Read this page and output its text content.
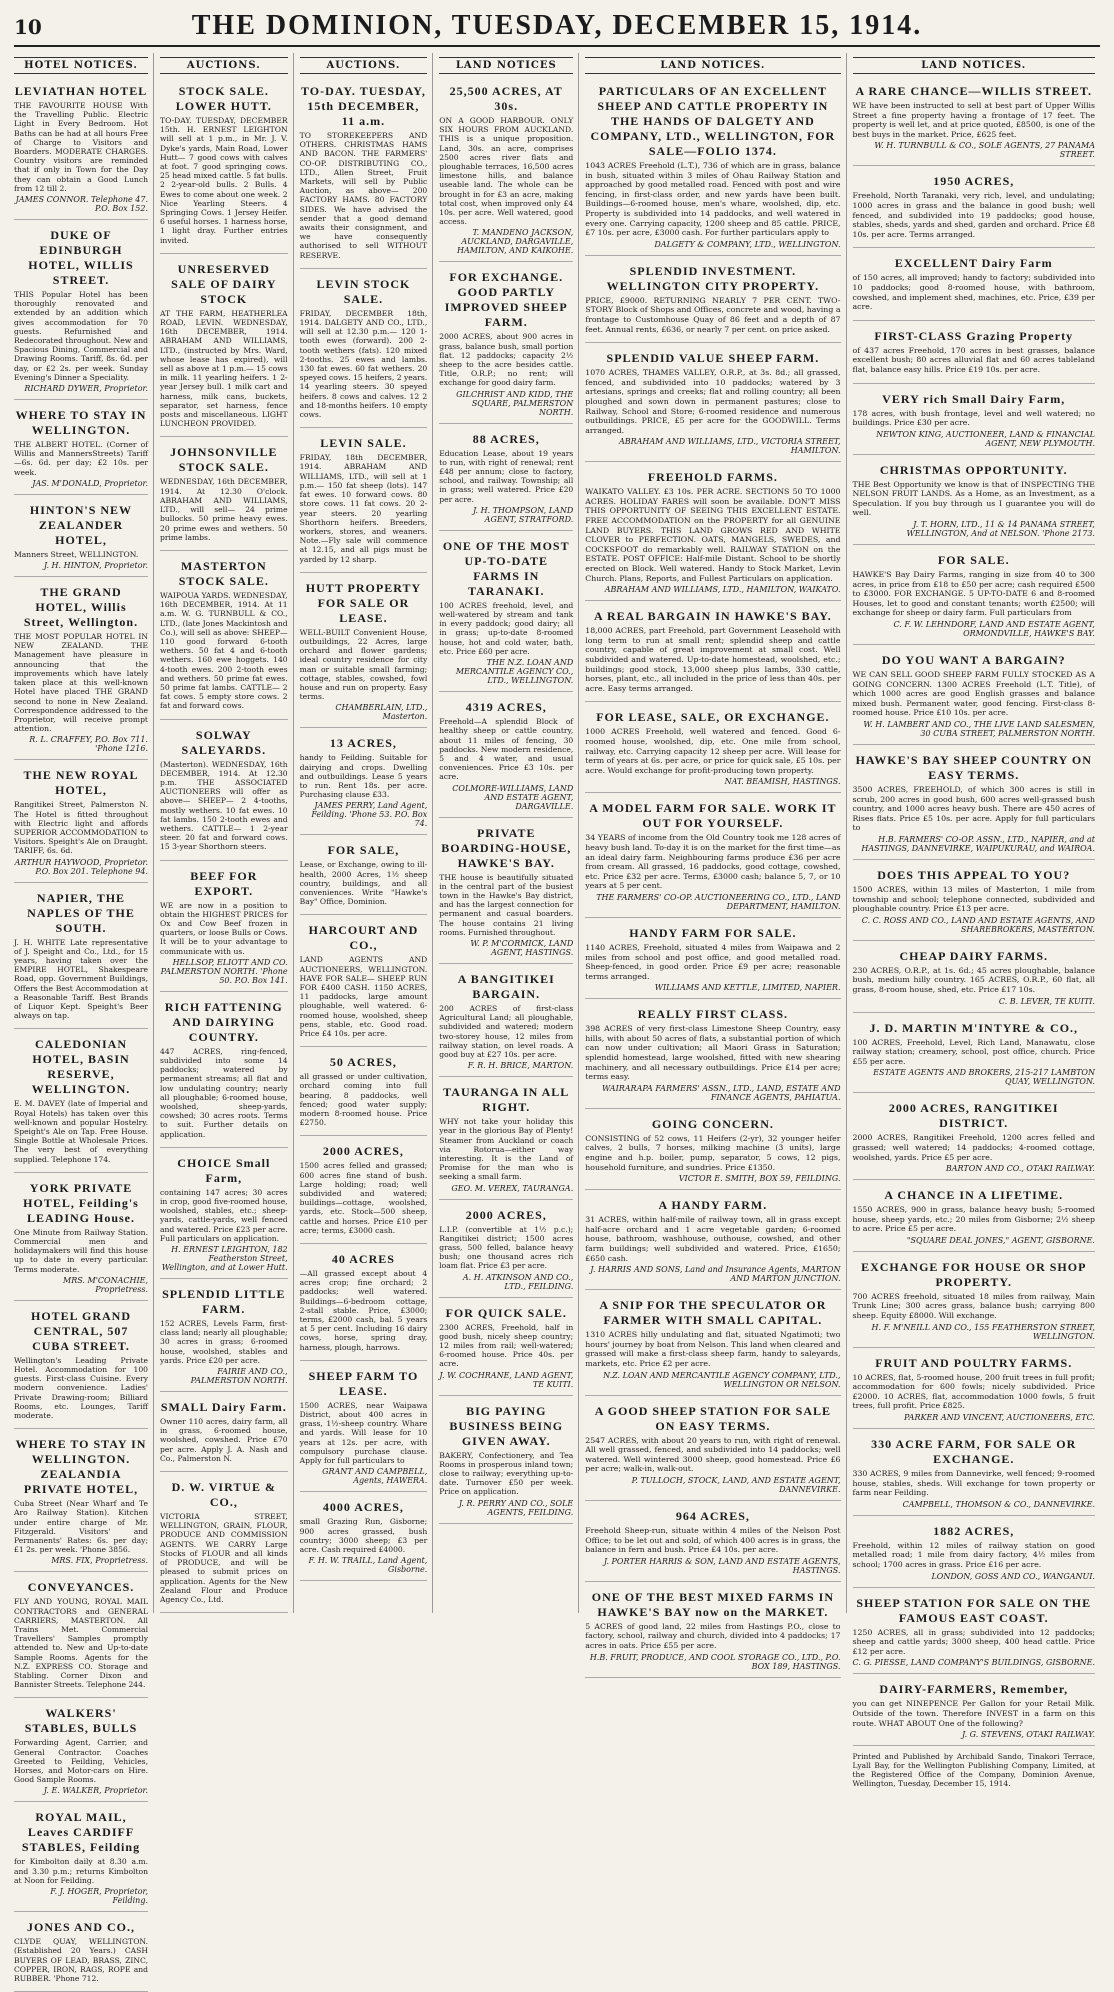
10	THE DOMINION, TUESDAY, DECEMBER 15, 1914.
HOTEL NOTICES.
LEVIATHAN HOTEL

THE FAVOURITE HOUSE With the Travelling Public. Electric Light in Every Bedroom. Hot Baths can be had at all hours Free of Charge to Visitors and Boarders. MODERATE CHARGES. Country visitors are reminded that if only in Town for the Day they can obtain a Good Lunch from 12 till 2.

JAMES CONNOR. Telephone 47. P.O. Box 152.
DUKE OF EDINBURGH HOTEL, WILLIS STREET.

THIS Popular Hotel has been thoroughly renovated and extended by an addition which gives accommodation for 70 guests. Refurnished and Redecorated throughout. New and Spacious Dining, Commercial and Drawing Rooms. Tariff, 8s. 6d. per day, or £2 2s. per week. Sunday Evening's Dinner a Speciality.

RICHARD DYWER, Proprietor.
WHERE TO STAY IN WELLINGTON.

THE ALBERT HOTEL. (Corner of Willis and MannersStreets) Tariff—6s. 6d. per day; £2 10s. per week.

JAS. M'DONALD, Proprietor.
HINTON'S NEW ZEALANDER HOTEL,

Manners Street, WELLINGTON.

J. H. HINTON, Proprietor.
THE GRAND HOTEL, Willis Street, Wellington.

THE MOST POPULAR HOTEL IN NEW ZEALAND. THE Management have pleasure in announcing that the improvements which have lately taken place at this well-known Hotel have placed THE GRAND second to none in New Zealand. Correspondence addressed to the Proprietor, will receive prompt attention.

R. L. CRAFFEY, P.O. Box 711. 'Phone 1216.
THE NEW ROYAL HOTEL,

Rangitikei Street, Palmerston N. The Hotel is fitted throughout with Electric light and affords SUPERIOR ACCOMMODATION to Visitors. Speight's Ale on Draught. TARIFF, 6s. 6d.

ARTHUR HAYWOOD, Proprietor. P.O. Box 201. Telephone 94.
NAPIER, THE NAPLES OF THE SOUTH.

J. H. WHITE Late representative of J. Speight and Co., Ltd., for 15 years, having taken over the EMPIRE HOTEL, Shakespeare Road, opp. Government Buildings, Offers the Best Accommodation at a Reasonable Tariff. Best Brands of Liquor Kept. Speight's Beer always on tap.

CALEDONIAN HOTEL, BASIN RESERVE, WELLINGTON.

E. M. DAVEY (late of Imperial and Royal Hotels) has taken over this well-known and popular Hostelry. Speight's Ale on Tap. Free House. Single Bottle at Wholesale Prices. The very best of everything supplied. Telephone 174.

YORK PRIVATE HOTEL, Feilding's LEADING House.

One Minute from Railway Station. Commercial men and holidaymakers will find this house up to date in every particular. Terms moderate.

MRS. M'CONACHIE, Proprietress.
HOTEL GRAND CENTRAL, 507 CUBA STREET.

Wellington's Leading Private Hotel. Accommodation for 100 guests. First-class Cuisine. Every modern convenience. Ladies' Private Drawing-room; Billiard Rooms, etc. Lounges, Tariff moderate.

WHERE TO STAY IN WELLINGTON. ZEALANDIA PRIVATE HOTEL,

Cuba Street (Near Wharf and Te Aro Railway Station). Kitchen under entire charge of Mr. Fitzgerald. Visitors' and Permanents' Rates: 6s. per day; £1 2s. per week. 'Phone 3856.

MRS. FIX, Proprietress.
CONVEYANCES.

FLY AND YOUNG, ROYAL MAIL CONTRACTORS and GENERAL CARRIERS, MASTERTON. All Trains Met. Commercial Travellers' Samples promptly attended to. New and Up-to-date Sample Rooms. Agents for the N.Z. EXPRESS CO. Storage and Stabling. Corner Dixon and Bannister Streets. Telephone 244.

WALKERS' STABLES, BULLS

Forwarding Agent, Carrier, and General Contractor. Coaches Greeted to Feilding, Vehicles, Horses, and Motor-cars on Hire. Good Sample Rooms.

J. E. WALKER, Proprietor.
ROYAL MAIL, Leaves CARDIFF STABLES, Feilding

for Kimbolton daily at 8.30 a.m. and 3.30 p.m.; returns Kimbolton at Noon for Feilding.

F. J. HOGER, Proprietor, Feilding.
JONES AND CO.,

CLYDE QUAY, WELLINGTON. (Established 20 Years.) CASH BUYERS OF LEAD, BRASS, ZINC, COPPER, IRON, RAGS, ROPE and RUBBER. 'Phone 712.

AUCTIONS.
STOCK SALE. LOWER HUTT.

TO-DAY. TUESDAY, DECEMBER 15th. H. ERNEST LEIGHTON will sell at 1 p.m., in Mr. J. V. Dyke's yards, Main Road, Lower Hutt— 7 good cows with calves at foot. 7 good springing cows. 25 head mixed cattle. 5 fat bulls. 2 2-year-old bulls. 2 Bulls. 4 Ewes to come about one week. 2 Nice Yearling Steers. 4 Springing Cows. 1 Jersey Heifer. 6 useful horses. 1 harness horse, 1 light dray. Further entries invited.

UNRESERVED SALE OF DAIRY STOCK

AT THE FARM, HEATHERLEA ROAD, LEVIN. WEDNESDAY, 16th DECEMBER, 1914. ABRAHAM AND WILLIAMS, LTD., (instructed by Mrs. Ward, whose lease has expired), will sell as above at 1 p.m.— 15 cows in milk. 11 yearling heifers. 1 2-year Jersey bull. 1 milk cart and harness, milk cans, buckets, separator, set harness, fence posts and miscellaneous. LIGHT LUNCHEON PROVIDED.

JOHNSONVILLE STOCK SALE.

WEDNESDAY, 16th DECEMBER, 1914. At 12.30 O'clock. ABRAHAM AND WILLIAMS, LTD., will sell— 24 prime bullocks. 50 prime heavy ewes. 20 prime ewes and wethers. 50 prime lambs.

MASTERTON STOCK SALE.

WAIPOUA YARDS. WEDNESDAY, 16th DECEMBER, 1914. At 11 a.m. W. G. TURNBULL & CO., LTD., (late Jones Mackintosh and Co.), will sell as above: SHEEP— 110 good forward 6-tooth wethers. 50 fat 4 and 6-tooth wethers. 160 ewe hoggets. 140 4-tooth ewes. 200 2-tooth ewes and wethers. 50 prime fat ewes. 50 prime fat lambs. CATTLE— 2 fat cows. 5 empty store cows. 2 fat and forward cows.

SOLWAY SALEYARDS.

(Masterton). WEDNESDAY, 16th DECEMBER, 1914. At 12.30 p.m. THE ASSOCIATED AUCTIONEERS will offer as above— SHEEP— 2 4-tooths, mostly wethers. 10 fat ewes. 10 fat lambs. 150 2-tooth ewes and wethers. CATTLE— 1 2-year steer. 20 fat and forward cows. 15 3-year Shorthorn steers.

BEEF FOR EXPORT.

WE are now in a position to obtain the HIGHEST PRICES for Ox and Cow Beef frozen in quarters, or loose Bulls or Cows. It will be to your advantage to communicate with us.

HELLSOP, ELIOTT AND CO. PALMERSTON NORTH. 'Phone 50. P.O. Box 141.
RICH FATTENING AND DAIRYING COUNTRY.

447 ACRES, ring-fenced, subdivided into some 14 paddocks; watered by permanent streams; all flat and low undulating country; nearly all ploughable; 6-roomed house, woolshed, sheep-yards, cowshed; 30 acres roots. Terms to suit. Further details on application.

CHOICE Small Farm,

containing 147 acres; 30 acres in crop, good five-roomed house, woolshed, stables, etc.; sheep-yards, cattle-yards, well fenced and watered. Price £23 per acre. Full particulars on application.

H. ERNEST LEIGHTON, 182 Featherston Street, Wellington, and at Lower Hutt.
SPLENDID LITTLE FARM.

152 ACRES, Levels Farm, first-class land; nearly all ploughable; 30 acres in grass; 6-roomed house, woolshed, stables and yards. Price £20 per acre.

FAIRIE AND CO., PALMERSTON NORTH.
SMALL Dairy Farm.

Owner 110 acres, dairy farm, all in grass, 6-roomed house, woolshed, cowshed. Price £70 per acre. Apply J. A. Nash and Co., Palmerston N.

D. W. VIRTUE & CO.,

VICTORIA STREET, WELLINGTON, GRAIN, FLOUR, PRODUCE AND COMMISSION AGENTS. WE CARRY Large Stocks of FLOUR and all kinds of PRODUCE, and will be pleased to submit prices on application. Agents for the New Zealand Flour and Produce Agency Co., Ltd.

AUCTIONS.
TO-DAY. TUESDAY, 15th DECEMBER, 11 a.m.

TO STOREKEEPERS AND OTHERS. CHRISTMAS HAMS AND BACON. THE FARMERS' CO-OP. DISTRIBUTING CO., LTD., Allen Street, Fruit Markets, will sell by Public Auction, as above— 200 FACTORY HAMS. 80 FACTORY SIDES. We have advised the sender that a good demand awaits their consignment, and we have consequently authorised to sell WITHOUT RESERVE.

LEVIN STOCK SALE.

FRIDAY, DECEMBER 18th, 1914. DALGETY AND CO., LTD., will sell at 12.30 p.m.— 120 1-tooth ewes (forward). 200 2-tooth wethers (fats). 120 mixed 2-tooths. 25 ewes and lambs. 130 fat ewes. 60 fat wethers. 20 speyed cows. 15 heifers, 2 years. 14 yearling steers. 30 speyed heifers. 8 cows and calves. 12 2 and 18-months heifers. 10 empty cows.

LEVIN SALE.

FRIDAY, 18th DECEMBER, 1914. ABRAHAM AND WILLIAMS, LTD., will sell at 1 p.m.— 150 fat sheep (lots). 147 fat ewes. 10 forward cows. 80 store cows. 11 fat cows. 20 2-year steers. 20 yearling Shorthorn heifers. Breeders, workers, stores, and weaners. Note.—Fly sale will commence at 12.15, and all pigs must be yarded by 12 sharp.

HUTT PROPERTY FOR SALE OR LEASE.

WELL-BUILT Convenient House, outbuildings, 22 Acres, large orchard and flower gardens; ideal country residence for city man or suitable small farming; cottage, stables, cowshed, fowl house and run on property. Easy terms.

CHAMBERLAIN, LTD., Masterton.
13 ACRES,

handy to Feilding. Suitable for dairying and crops. Dwelling and outbuildings. Lease 5 years to run. Rent 18s. per acre. Purchasing clause £33.

JAMES PERRY, Land Agent, Feilding. 'Phone 53. P.O. Box 74.
FOR SALE,

Lease, or Exchange, owing to ill-health, 2000 Acres, 1½ sheep country, buildings, and all conveniences. Write "Hawke's Bay" Office, Dominion.

HARCOURT AND CO.,

LAND AGENTS AND AUCTIONEERS, WELLINGTON. HAVE FOR SALE— SHEEP RUN FOR £400 CASH. 1150 ACRES, 11 paddocks, large amount ploughable, well watered. 6-roomed house, woolshed, sheep pens, stable, etc. Good road. Price £4 10s. per acre.

50 ACRES,

all grassed or under cultivation, orchard coming into full bearing, 8 paddocks, well fenced; good water supply; modern 8-roomed house. Price £2750.

2000 ACRES,

1500 acres felled and grassed; 600 acres fine stand of bush. Large holding; road; well subdivided and watered; buildings—cottage, woolshed, yards, etc. Stock—500 sheep, cattle and horses. Price £10 per acre; terms, £3000 cash.

40 ACRES

—All grassed except about 4 acres crop; fine orchard; 2 paddocks; well watered. Buildings—6-bedroom cottage, 2-stall stable. Price, £3000; terms, £2000 cash, bal. 5 years at 5 per cent. Including 16 dairy cows, horse, spring dray, harness, plough, harrows.

SHEEP FARM TO LEASE.

1500 ACRES, near Waipawa District, about 400 acres in grass, 1½-sheep country. Whare and yards. Will lease for 10 years at 12s. per acre, with compulsory purchase clause. Apply for full particulars to

GRANT AND CAMPBELL, Agents, HAWERA.
4000 ACRES,

small Grazing Run, Gisborne; 900 acres grassed, bush country; 3000 sheep; £3 per acre. Cash required £4000.

F. H. W. TRAILL, Land Agent, Gisborne.
LAND NOTICES
25,500 ACRES, AT 30s.

ON A GOOD HARBOUR. ONLY SIX HOURS FROM AUCKLAND. THIS is a unique proposition. Land, 30s. an acre, comprises 2500 acres river flats and ploughable terraces, 16,500 acres limestone hills, and balance useable land. The whole can be brought in for £3 an acre, making total cost, when improved only £4 10s. per acre. Well watered, good access.

T. MANDENO JACKSON, AUCKLAND, DARGAVILLE, HAMILTON, AND KAIKOHE.
FOR EXCHANGE. GOOD PARTLY IMPROVED SHEEP FARM.

2000 ACRES, about 900 acres in grass, balance bush, small portion flat. 12 paddocks; capacity 2½ sheep to the acre besides cattle. Title, O.R.P.; no rent; will exchange for good dairy farm.

GILCHRIST AND KIDD, THE SQUARE, PALMERSTON NORTH.
88 ACRES,

Education Lease, about 19 years to run, with right of renewal; rent £48 per annum; close to factory, school, and railway. Township; all in grass; well watered. Price £20 per acre.

J. H. THOMPSON, LAND AGENT, STRATFORD.
ONE OF THE MOST UP-TO-DATE FARMS IN TARANAKI.

100 ACRES freehold, level, and well-watered by stream and tank in every paddock; good dairy; all in grass; up-to-date 8-roomed house, hot and cold water, bath, etc. Price £60 per acre.

THE N.Z. LOAN AND MERCANTILE AGENCY CO., LTD., WELLINGTON.
4319 ACRES,

Freehold—A splendid Block of healthy sheep or cattle country, about 11 miles of fencing, 30 paddocks. New modern residence, 5 and 4 water, and usual conveniences. Price £3 10s. per acre.

COLMORE-WILLIAMS, LAND AND ESTATE AGENT, DARGAVILLE.
PRIVATE BOARDING-HOUSE, HAWKE'S BAY.

THE house is beautifully situated in the central part of the busiest town in the Hawke's Bay district, and has the largest connection for permanent and casual boarders. The house contains 21 living rooms. Furnished throughout.

W. P. M'CORMICK, LAND AGENT, HASTINGS.
A BANGITIKEI BARGAIN.

200 ACRES of first-class Agricultural Land; all ploughable, subdivided and watered; modern two-storey house, 12 miles from railway station, on level roads. A good buy at £27 10s. per acre.

F. R. H. BRICE, MARTON.
TAURANGA IN ALL RIGHT.

WHY not take your holiday this year in the glorious Bay of Plenty! Steamer from Auckland or coach via Rotorua—either way interesting. It is the Land of Promise for the man who is seeking a small farm.

GEO. M. VEREX, TAURANGA.
2000 ACRES,

L.I.P. (convertible at 1½ p.c.); Rangitikei district; 1500 acres grass, 500 felled, balance heavy bush; one thousand acres rich loam flat. Price £3 per acre.

A. H. ATKINSON AND CO., LTD., FEILDING.
FOR QUICK SALE.

2300 ACRES, Freehold, half in good bush, nicely sheep country; 12 miles from rail; well-watered; 6-roomed house. Price 40s. per acre.

J. W. COCHRANE, LAND AGENT, TE KUITI.
BIG PAYING BUSINESS BEING GIVEN AWAY.

BAKERY, Confectionery, and Tea Rooms in prosperous inland town; close to railway; everything up-to-date. Turnover £50 per week. Price on application.

J. R. PERRY AND CO., SOLE AGENTS, FEILDING.
LAND NOTICES.
PARTICULARS OF AN EXCELLENT SHEEP AND CATTLE PROPERTY IN THE HANDS OF DALGETY AND COMPANY, LTD., WELLINGTON, FOR SALE—FOLIO 1374.

1043 ACRES Freehold (L.T.), 736 of which are in grass, balance in bush, situated within 3 miles of Ohau Railway Station and approached by good metalled road. Fenced with post and wire fencing, in first-class order, and new yards have been built. Buildings—6-roomed house, men's whare, woolshed, dip, etc. Property is subdivided into 14 paddocks, and well watered in every one. Carrying capacity, 1200 sheep and 85 cattle. PRICE, £7 10s. per acre, £3000 cash. For further particulars apply to

DALGETY & COMPANY, LTD., WELLINGTON.
SPLENDID INVESTMENT. WELLINGTON CITY PROPERTY.

PRICE, £9000. RETURNING NEARLY 7 PER CENT. TWO-STORY Block of Shops and Offices, concrete and wood, having a frontage to Customhouse Quay of 86 feet and a depth of 87 feet. Annual rents, £636, or nearly 7 per cent. on price asked.

SPLENDID VALUE SHEEP FARM.

1070 ACRES, THAMES VALLEY, O.R.P., at 3s. 8d.; all grassed, fenced, and subdivided into 10 paddocks; watered by 3 artesians, springs and creeks; flat and rolling country; all been ploughed and sown down in permanent pastures; close to Railway, School and Store; 6-roomed residence and numerous outbuildings. PRICE, £5 per acre for the GOODWILL. Terms arranged.

ABRAHAM AND WILLIAMS, LTD., VICTORIA STREET, HAMILTON.
FREEHOLD FARMS.

WAIKATO VALLEY. £3 10s. PER ACRE. SECTIONS 50 TO 1000 ACRES. HOLIDAY FARES will soon be available. DON'T MISS THIS OPPORTUNITY OF SEEING THIS EXCELLENT ESTATE. FREE ACCOMMODATION on the PROPERTY for all GENUINE LAND BUYERS. THIS LAND GROWS RED AND WHITE CLOVER to PERFECTION. OATS, MANGELS, SWEDES, and COCKSFOOT do remarkably well. RAILWAY STATION on the ESTATE. POST OFFICE: Half-mile Distant. School to be shortly erected on Block. Well watered. Handy to Stock Market, Levin Church. Plans, Reports, and Fullest Particulars on application.

ABRAHAM AND WILLIAMS, LTD., HAMILTON, WAIKATO.
A REAL BARGAIN IN HAWKE'S BAY.

18,000 ACRES, part Freehold, part Government Leasehold with long term to run at small rent; splendid sheep and cattle country, capable of great improvement at small cost. Well subdivided and watered. Up-to-date homestead, woolshed, etc.; buildings; good stock, 13,000 sheep plus lambs, 330 cattle, horses, plant, etc., all included in the price of less than 40s. per acre. Easy terms arranged.

FOR LEASE, SALE, OR EXCHANGE.

1000 ACRES Freehold, well watered and fenced. Good 6-roomed house, woolshed, dip, etc. One mile from school, railway, etc. Carrying capacity 12 sheep per acre. Will lease for term of years at 6s. per acre, or price for quick sale, £5 10s. per acre. Would exchange for profit-producing town property.

NAT. BEAMISH, HASTINGS.
A MODEL FARM FOR SALE. WORK IT OUT FOR YOURSELF.

34 YEARS of income from the Old Country took me 128 acres of heavy bush land. To-day it is on the market for the first time—as an ideal dairy farm. Neighbouring farms produce £36 per acre from cream. All grassed, 16 paddocks, good cottage, cowshed, etc. Price £32 per acre. Terms, £3000 cash; balance 5, 7, or 10 years at 5 per cent.

THE FARMERS' CO-OP. AUCTIONEERING CO., LTD., LAND DEPARTMENT, HAMILTON.
HANDY FARM FOR SALE.

1140 ACRES, Freehold, situated 4 miles from Waipawa and 2 miles from school and post office, and good metalled road. Sheep-fenced, in good order. Price £9 per acre; reasonable terms arranged.

WILLIAMS AND KETTLE, LIMITED, NAPIER.
REALLY FIRST CLASS.

398 ACRES of very first-class Limestone Sheep Country, easy hills, with about 50 acres of flats, a substantial portion of which can now under cultivation; all Maori Grass in Saturation; splendid homestead, large woolshed, fitted with new shearing machinery, and all necessary outbuildings. Price £14 per acre; terms easy.

WAIRARAPA FARMERS' ASSN., LTD., LAND, ESTATE AND FINANCE AGENTS, PAHIATUA.
GOING CONCERN.

CONSISTING of 52 cows, 11 Heifers (2-yr), 32 younger heifer calves, 2 bulls, 7 horses, milking machine (3 units), large engine and h.p. boiler, pump, separator, 5 cows, 12 pigs, household furniture, and sundries. Price £1350.

VICTOR E. SMITH, BOX 59, FEILDING.
A HANDY FARM.

31 ACRES, within half-mile of railway town, all in grass except half-acre orchard and 1 acre vegetable garden; 6-roomed house, bathroom, washhouse, outhouse, cowshed, and other farm buildings; well subdivided and watered. Price, £1650; £650 cash.

J. HARRIS AND SONS, Land and Insurance Agents, MARTON AND MARTON JUNCTION.
A SNIP FOR THE SPECULATOR OR FARMER WITH SMALL CAPITAL.

1310 ACRES hilly undulating and flat, situated Ngatimoti; two hours' journey by boat from Nelson. This land when cleared and grassed will make a first-class sheep farm, handy to saleyards, markets, etc. Price £2 per acre.

N.Z. LOAN AND MERCANTILE AGENCY COMPANY, LTD., WELLINGTON OR NELSON.
A GOOD SHEEP STATION FOR SALE ON EASY TERMS.

2547 ACRES, with about 20 years to run, with right of renewal. All well grassed, fenced, and subdivided into 14 paddocks; well watered. Well wintered 3000 sheep, good homestead. Price £6 per acre; walk-in, walk-out.

P. TULLOCH, STOCK, LAND, AND ESTATE AGENT, DANNEVIRKE.
964 ACRES,

Freehold Sheep-run, situate within 4 miles of the Nelson Post Office; to be let out and sold, of which 400 acres is in grass, the balance in fern and bush. Price £4 10s. per acre.

J. PORTER HARRIS & SON, LAND AND ESTATE AGENTS, HASTINGS.
ONE OF THE BEST MIXED FARMS IN HAWKE'S BAY now on the MARKET.

5 ACRES of good land, 22 miles from Hastings P.O., close to factory, school, railway and church, divided into 4 paddocks; 17 acres in oats. Price £55 per acre.

H.B. FRUIT, PRODUCE, AND COOL STORAGE CO., LTD., P.O. BOX 189, HASTINGS.
LAND NOTICES.
A RARE CHANCE—WILLIS STREET.

WE have been instructed to sell at best part of Upper Willis Street a fine property having a frontage of 17 feet. The property is well let, and at price quoted, £8500, is one of the best buys in the market. Price, £625 feet.

W. H. TURNBULL & CO., SOLE AGENTS, 27 PANAMA STREET.
1950 ACRES,

Freehold, North Taranaki, very rich, level, and undulating; 1000 acres in grass and the balance in good bush; well fenced, and subdivided into 19 paddocks; good house, stables, sheds, yards and shed, garden and orchard. Price £8 10s. per acre. Terms arranged.

EXCELLENT Dairy Farm

of 150 acres, all improved; handy to factory; subdivided into 10 paddocks; good 8-roomed house, with bathroom, cowshed, and implement shed, machines, etc. Price, £39 per acre.

FIRST-CLASS Grazing Property

of 437 acres Freehold, 170 acres in best grasses, balance excellent bush; 80 acres alluvial flat and 60 acres tableland flat, balance easy hills. Price £19 10s. per acre.

VERY rich Small Dairy Farm,

178 acres, with bush frontage, level and well watered; no buildings. Price £30 per acre.

NEWTON KING, AUCTIONEER, LAND & FINANCIAL AGENT, NEW PLYMOUTH.
CHRISTMAS OPPORTUNITY.

THE Best Opportunity we know is that of INSPECTING THE NELSON FRUIT LANDS. As a Home, as an Investment, as a Speculation. If you buy through us I guarantee you will do well.

J. T. HORN, LTD., 11 & 14 PANAMA STREET, WELLINGTON, And at NELSON. 'Phone 2173.
FOR SALE.

HAWKE'S Bay Dairy Farms, ranging in size from 40 to 300 acres, in price from £18 to £50 per acre; cash required £500 to £3000. FOR EXCHANGE. 5 UP-TO-DATE 6 and 8-roomed Houses, let to good and constant tenants; worth £2500; will exchange for sheep or dairy farm. Full particulars from

C. F. W. LEHNDORF, LAND AND ESTATE AGENT, ORMONDVILLE, HAWKE'S BAY.
DO YOU WANT A BARGAIN?

WE CAN SELL GOOD SHEEP FARM FULLY STOCKED AS A GOING CONCERN. 1300 ACRES Freehold (L.T. Title), of which 1000 acres are good English grasses and balance mixed bush. Permanent water, good fencing. First-class 8-roomed house. Price £10 10s. per acre.

W. H. LAMBERT AND CO., THE LIVE LAND SALESMEN, 30 CUBA STREET, PALMERSTON NORTH.
HAWKE'S BAY SHEEP COUNTRY ON EASY TERMS.

3500 ACRES, FREEHOLD, of which 300 acres is still in scrub, 200 acres in good bush, 600 acres well-grassed bush country, and 1000 acres heavy bush. There are 450 acres of Rises flats. Price £5 10s. per acre. Apply for full particulars to

H.B. FARMERS' CO-OP. ASSN., LTD., NAPIER, and at HASTINGS, DANNEVIRKE, WAIPUKURAU, and WAIROA.
DOES THIS APPEAL TO YOU?

1500 ACRES, within 13 miles of Masterton, 1 mile from township and school; telephone connected, subdivided and ploughable country. Price £13 per acre.

C. C. ROSS AND CO., LAND AND ESTATE AGENTS, AND SHAREBROKERS, MASTERTON.
CHEAP DAIRY FARMS.

230 ACRES, O.R.P., at 1s. 6d.; 45 acres ploughable, balance bush, medium hilly country. 165 ACRES, O.R.P., 60 flat, all grass, 8-room house, shed, etc. Price £17 10s.

C. B. LEVER, TE KUITI.
J. D. MARTIN M'INTYRE & CO.,

100 ACRES, Freehold, Level, Rich Land, Manawatu, close railway station; creamery, school, post office, church. Price £55 per acre.

ESTATE AGENTS AND BROKERS, 215-217 LAMBTON QUAY, WELLINGTON.
2000 ACRES, RANGITIKEI DISTRICT.

2000 ACRES, Rangitikei Freehold, 1200 acres felled and grassed; well watered; 14 paddocks; 4-roomed cottage, woolshed, yards. Price £5 per acre.

BARTON AND CO., OTAKI RAILWAY.
A CHANCE IN A LIFETIME.

1550 ACRES, 900 in grass, balance heavy bush; 5-roomed house, sheep yards, etc.; 20 miles from Gisborne; 2½ sheep to acre. Price £5 per acre.

"SQUARE DEAL JONES," AGENT, GISBORNE.
EXCHANGE FOR HOUSE OR SHOP PROPERTY.

700 ACRES freehold, situated 18 miles from railway, Main Trunk Line; 300 acres grass, balance bush; carrying 800 sheep. Equity £8000. Will exchange.

H. F. M'NEILL AND CO., 155 FEATHERSTON STREET, WELLINGTON.
FRUIT AND POULTRY FARMS.

10 ACRES, flat, 5-roomed house, 200 fruit trees in full profit; accommodation for 600 fowls; nicely subdivided. Price £2000. 10 ACRES, flat, accommodation 1000 fowls, 5 fruit trees, full profit. Price £825.

PARKER AND VINCENT, AUCTIONEERS, ETC.
330 ACRE FARM, FOR SALE OR EXCHANGE.

330 ACRES, 9 miles from Dannevirke, well fenced; 9-roomed house, stables, sheds. Will exchange for town property or farm near Feilding.

CAMPBELL, THOMSON & CO., DANNEVIRKE.
1882 ACRES,

Freehold, within 12 miles of railway station on good metalled road; 1 mile from dairy factory, 4½ miles from school; 1700 acres in grass. Price £16 per acre.

LONDON, GOSS AND CO., WANGANUI.
SHEEP STATION FOR SALE ON THE FAMOUS EAST COAST.

1250 ACRES, all in grass; subdivided into 12 paddocks; sheep and cattle yards; 3000 sheep, 400 head cattle. Price £12 per acre.

C. G. PIESSE, LAND COMPANY'S BUILDINGS, GISBORNE.
DAIRY-FARMERS, Remember,

you can get NINEPENCE Per Gallon for your Retail Milk. Outside of the town. Therefore INVEST in a farm on this route. WHAT ABOUT One of the following?

J. G. STEVENS, OTAKI RAILWAY.
Printed and Published by Archibald Sando, Tinakori Terrace, Lyall Bay, for the Wellington Publishing Company, Limited, at the Registered Office of the Company, Dominion Avenue, Wellington, Tuesday, December 15, 1914.
